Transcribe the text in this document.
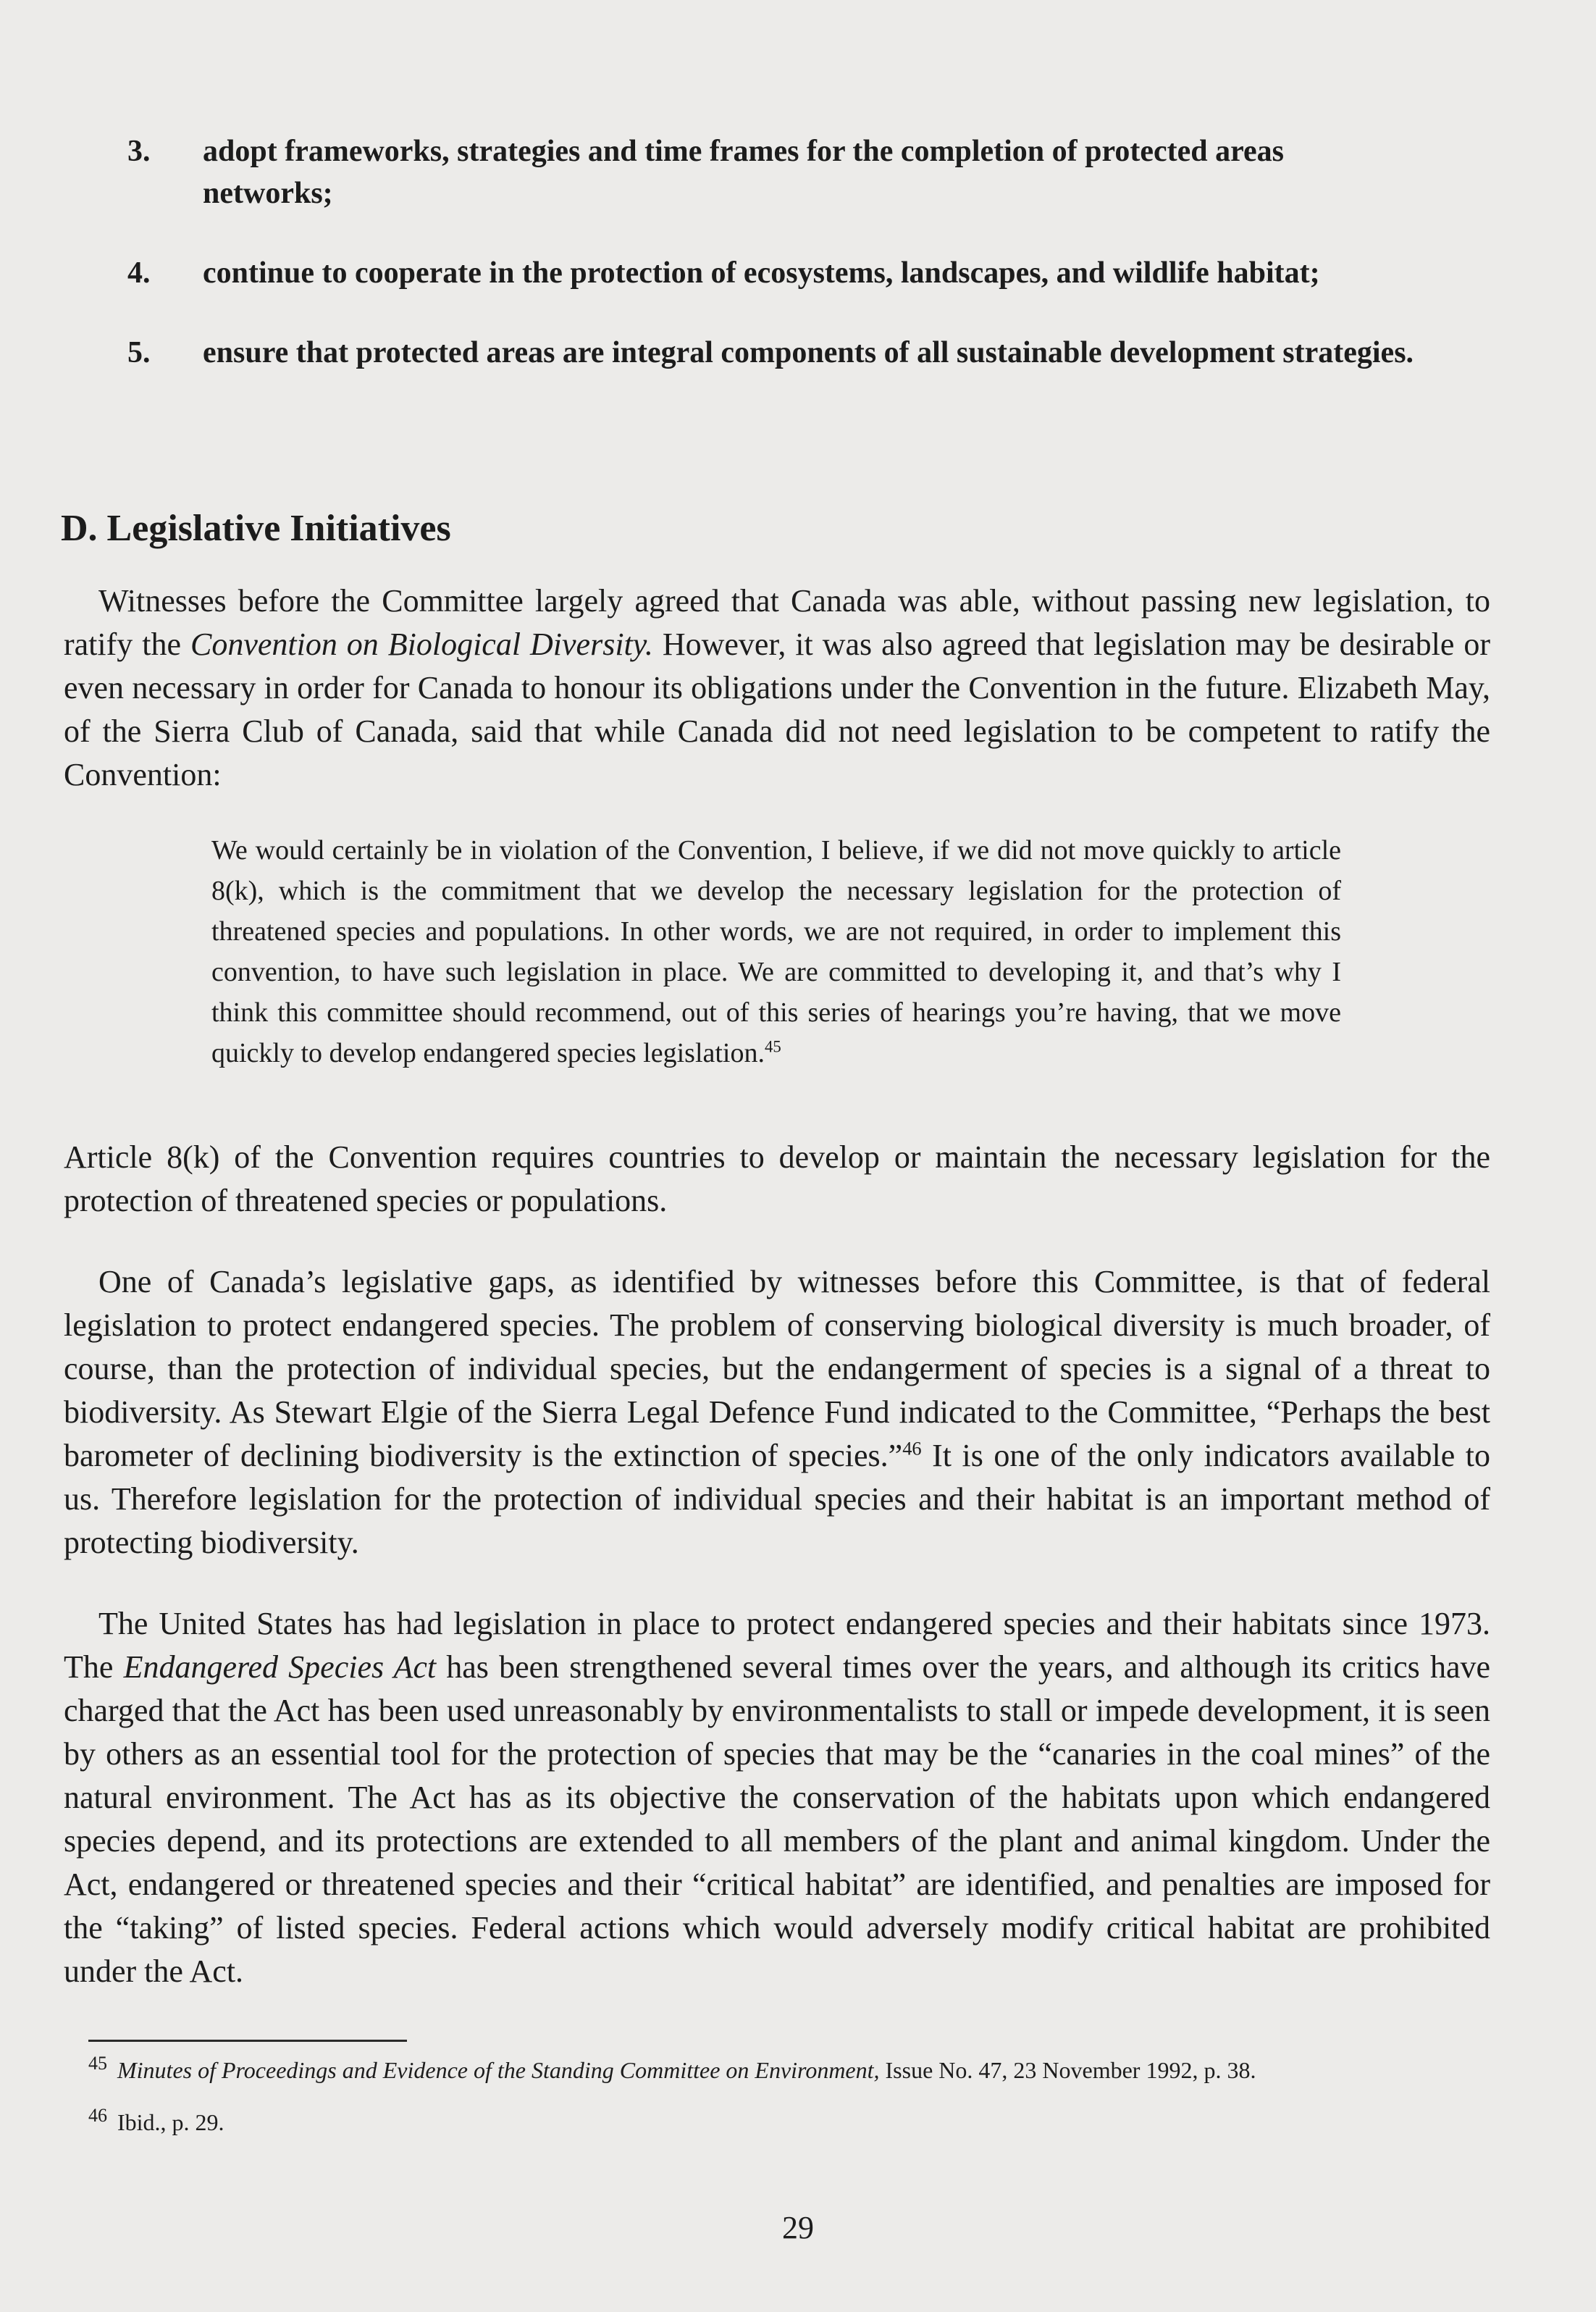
3.	adopt frameworks, strategies and time frames for the completion of protected areas networks;
4.	continue to cooperate in the protection of ecosystems, landscapes, and wildlife habitat;
5.	ensure that protected areas are integral components of all sustainable development strategies.
D. Legislative Initiatives

Witnesses before the Committee largely agreed that Canada was able, without passing new legislation, to ratify the Convention on Biological Diversity. However, it was also agreed that legislation may be desirable or even necessary in order for Canada to honour its obligations under the Convention in the future. Elizabeth May, of the Sierra Club of Canada, said that while Canada did not need legislation to be competent to ratify the Convention:

We would certainly be in violation of the Convention, I believe, if we did not move quickly to article 8(k), which is the commitment that we develop the necessary legislation for the protection of threatened species and populations. In other words, we are not required, in order to implement this convention, to have such legislation in place. We are committed to developing it, and that’s why I think this committee should recommend, out of this series of hearings you’re having, that we move quickly to develop endangered species legislation.$^{45}$

Article 8(k) of the Convention requires countries to develop or maintain the necessary legislation for the protection of threatened species or populations.

One of Canada’s legislative gaps, as identified by witnesses before this Committee, is that of federal legislation to protect endangered species. The problem of conserving biological diversity is much broader, of course, than the protection of individual species, but the endangerment of species is a signal of a threat to biodiversity. As Stewart Elgie of the Sierra Legal Defence Fund indicated to the Committee, “Perhaps the best barometer of declining biodiversity is the extinction of species.”$^{46}$ It is one of the only indicators available to us. Therefore legislation for the protection of individual species and their habitat is an important method of protecting biodiversity.

The United States has had legislation in place to protect endangered species and their habitats since 1973. The Endangered Species Act has been strengthened several times over the years, and although its critics have charged that the Act has been used unreasonably by environmentalists to stall or impede development, it is seen by others as an essential tool for the protection of species that may be the “canaries in the coal mines” of the natural environment. The Act has as its objective the conservation of the habitats upon which endangered species depend, and its protections are extended to all members of the plant and animal kingdom. Under the Act, endangered or threatened species and their “critical habitat” are identified, and penalties are imposed for the “taking” of listed species. Federal actions which would adversely modify critical habitat are prohibited under the Act.

$^{45}$ Minutes of Proceedings and Evidence of the Standing Committee on Environment, Issue No. 47, 23 November 1992, p. 38.
$^{46}$ Ibid., p. 29.
29
